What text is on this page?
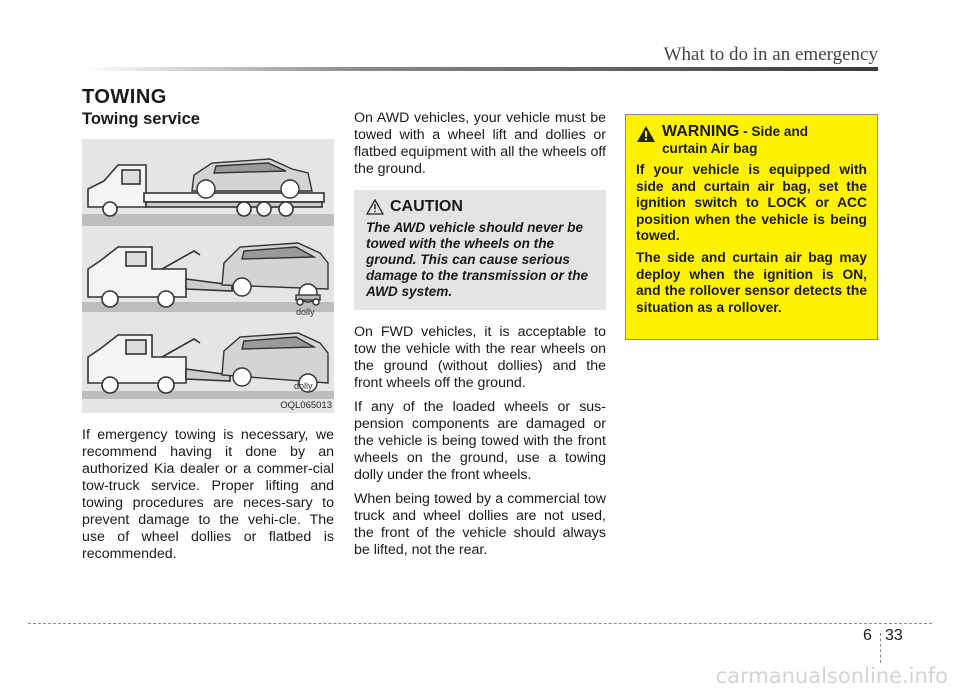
What to do in an emergency
TOWING
Towing service
dolly
dolly
OQL065013

If emergency towing is necessary, we recommend having it done by an authorized Kia dealer or a commer-cial tow-truck service. Proper lifting and towing procedures are neces-sary to prevent damage to the vehi-cle. The use of wheel dollies or flatbed is recommended.

On AWD vehicles, your vehicle must be towed with a wheel lift and dollies or flatbed equipment with all the wheels off the ground.

CAUTION
The AWD vehicle should never be towed with the wheels on the ground. This can cause serious damage to the transmission or the AWD system.

On FWD vehicles, it is acceptable to tow the vehicle with the rear wheels on the ground (without dollies) and the front wheels off the ground.

If any of the loaded wheels or sus-pension components are damaged or the vehicle is being towed with the front wheels on the ground, use a towing dolly under the front wheels.

When being towed by a commercial tow truck and wheel dollies are not used, the front of the vehicle should always be lifted, not the rear.

WARNING - Side and
curtain Air bag
If your vehicle is equipped with side and curtain air bag, set the ignition switch to LOCK or ACC position when the vehicle is being towed.
The side and curtain air bag may deploy when the ignition is ON, and the rollover sensor detects the situation as a rollover.
6 33
carmanualsonline.info
